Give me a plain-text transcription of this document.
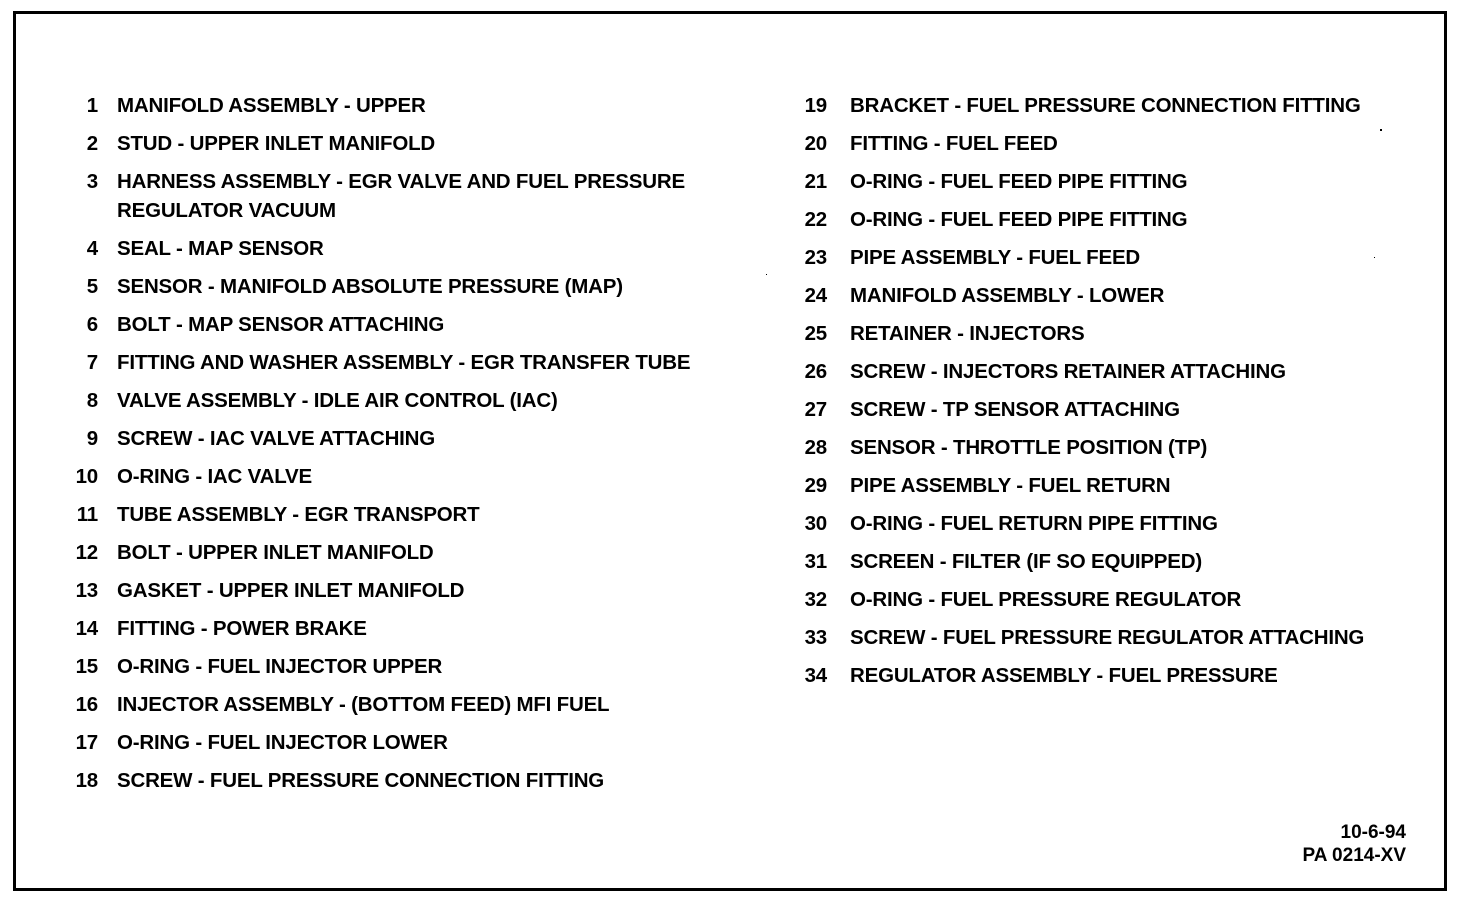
1 MANIFOLD ASSEMBLY - UPPER
2 STUD - UPPER INLET MANIFOLD
3 HARNESS ASSEMBLY - EGR VALVE AND FUEL PRESSURE REGULATOR VACUUM
4 SEAL - MAP SENSOR
5 SENSOR - MANIFOLD ABSOLUTE PRESSURE (MAP)
6 BOLT - MAP SENSOR ATTACHING
7 FITTING AND WASHER ASSEMBLY - EGR TRANSFER TUBE
8 VALVE ASSEMBLY - IDLE AIR CONTROL (IAC)
9 SCREW - IAC VALVE ATTACHING
10 O-RING - IAC VALVE
11 TUBE ASSEMBLY - EGR TRANSPORT
12 BOLT - UPPER INLET MANIFOLD
13 GASKET - UPPER INLET MANIFOLD
14 FITTING - POWER BRAKE
15 O-RING - FUEL INJECTOR UPPER
16 INJECTOR ASSEMBLY - (BOTTOM FEED) MFI FUEL
17 O-RING - FUEL INJECTOR LOWER
18 SCREW - FUEL PRESSURE CONNECTION FITTING
19	BRACKET - FUEL PRESSURE CONNECTION FITTING
20	FITTING - FUEL FEED
21	O-RING - FUEL FEED PIPE FITTING
22	O-RING - FUEL FEED PIPE FITTING
23	PIPE ASSEMBLY - FUEL FEED
24	MANIFOLD ASSEMBLY - LOWER
25	RETAINER - INJECTORS
26	SCREW - INJECTORS RETAINER ATTACHING
27	SCREW - TP SENSOR ATTACHING
28	SENSOR - THROTTLE POSITION (TP)
29	PIPE ASSEMBLY - FUEL RETURN
30	O-RING - FUEL RETURN PIPE FITTING
31	SCREEN - FILTER (IF SO EQUIPPED)
32	O-RING - FUEL PRESSURE REGULATOR
33	SCREW - FUEL PRESSURE REGULATOR ATTACHING
34	REGULATOR ASSEMBLY - FUEL PRESSURE
10-6-94
PA 0214-XV
